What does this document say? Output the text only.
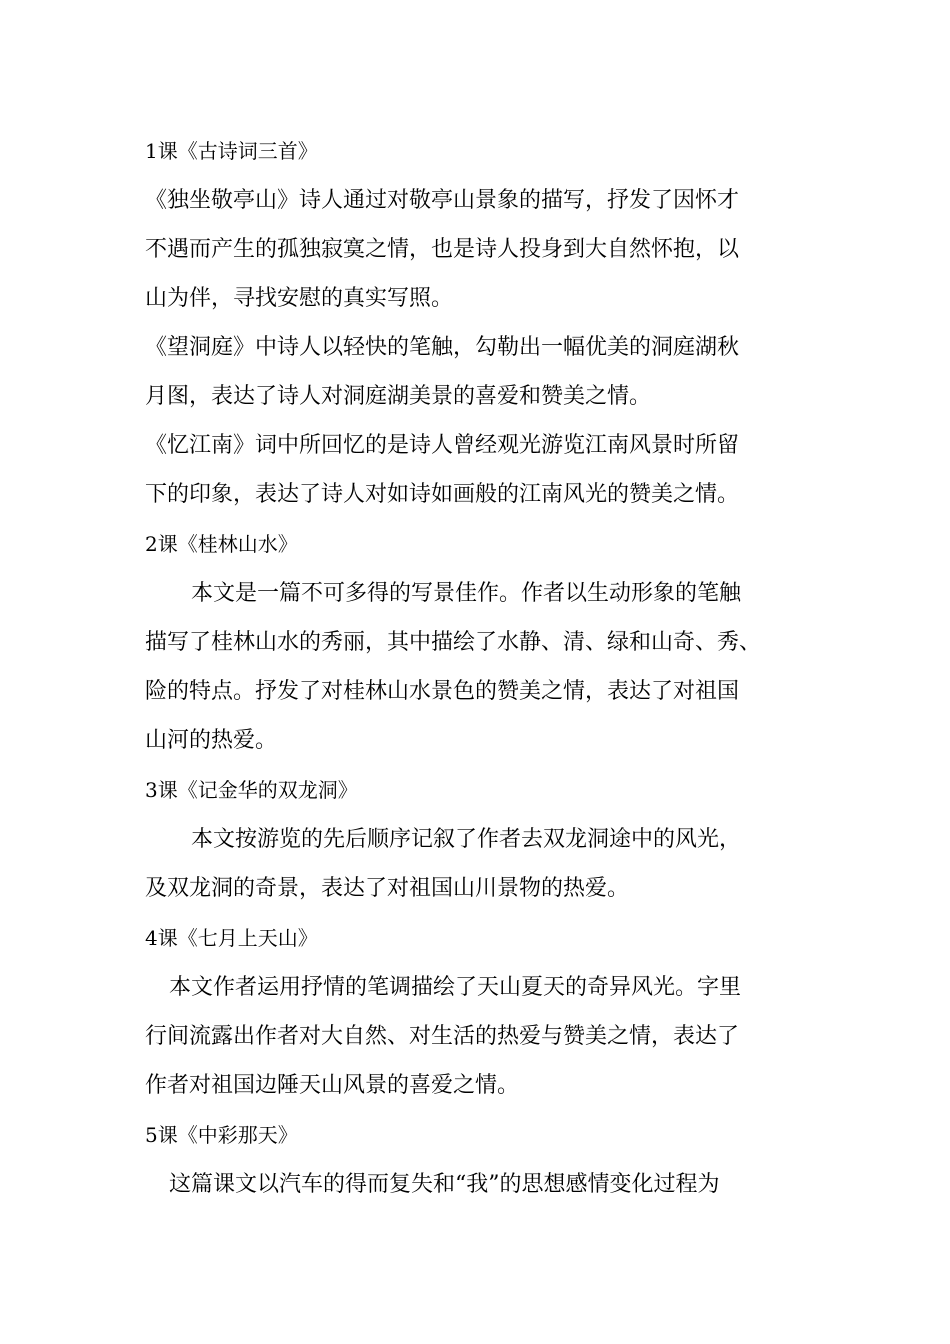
1课《古诗词三首》

《独坐敬亭山》诗人通过对敬亭山景象的描写，抒发了因怀才
不遇而产生的孤独寂寞之情，也是诗人投身到大自然怀抱，以
山为伴，寻找安慰的真实写照。

《望洞庭》中诗人以轻快的笔触，勾勒出一幅优美的洞庭湖秋
月图，表达了诗人对洞庭湖美景的喜爱和赞美之情。

《忆江南》词中所回忆的是诗人曾经观光游览江南风景时所留
下的印象，表达了诗人对如诗如画般的江南风光的赞美之情。

2课《桂林山水》

本文是一篇不可多得的写景佳作。作者以生动形象的笔触
描写了桂林山水的秀丽，其中描绘了水静、清、绿和山奇、秀、
险的特点。抒发了对桂林山水景色的赞美之情，表达了对祖国
山河的热爱。

3课《记金华的双龙洞》

本文按游览的先后顺序记叙了作者去双龙洞途中的风光，
及双龙洞的奇景，表达了对祖国山川景物的热爱。

4课《七月上天山》

本文作者运用抒情的笔调描绘了天山夏天的奇异风光。字里
行间流露出作者对大自然、对生活的热爱与赞美之情，表达了
作者对祖国边陲天山风景的喜爱之情。

5课《中彩那天》

这篇课文以汽车的得而复失和“我”的思想感情变化过程为
